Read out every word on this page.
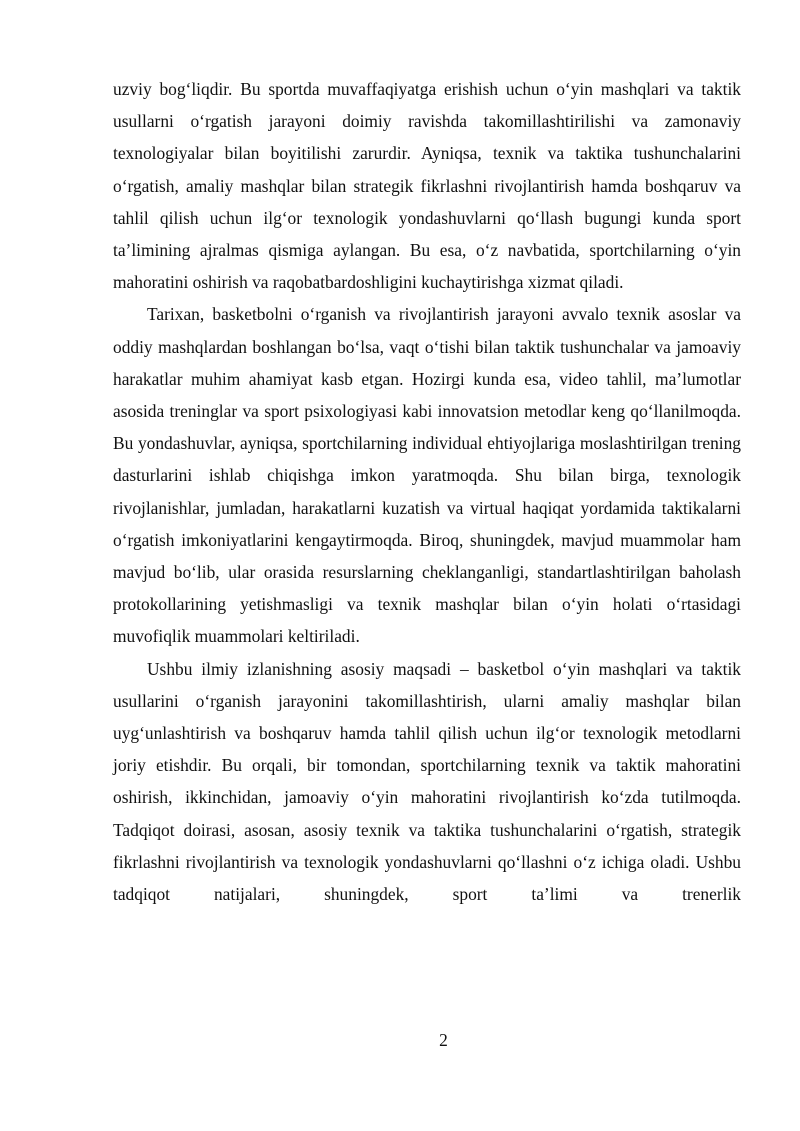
uzviy bog‘liqdir. Bu sportda muvaffaqiyatga erishish uchun o‘yin mashqlari va taktik usullarni o‘rgatish jarayoni doimiy ravishda takomillashtirilishi va zamonaviy texnologiyalar bilan boyitilishi zarurdir. Ayniqsa, texnik va taktika tushunchalarini o‘rgatish, amaliy mashqlar bilan strategik fikrlashni rivojlantirish hamda boshqaruv va tahlil qilish uchun ilg‘or texnologik yondashuvlarni qo‘llash bugungi kunda sport ta’limining ajralmas qismiga aylangan. Bu esa, o‘z navbatida, sportchilarning o‘yin mahoratini oshirish va raqobatbardoshligini kuchaytirishga xizmat qiladi.

Tarixan, basketbolni o‘rganish va rivojlantirish jarayoni avvalo texnik asoslar va oddiy mashqlardan boshlangan bo‘lsa, vaqt o‘tishi bilan taktik tushunchalar va jamoaviy harakatlar muhim ahamiyat kasb etgan. Hozirgi kunda esa, video tahlil, ma’lumotlar asosida treninglar va sport psixologiyasi kabi innovatsion metodlar keng qo‘llanilmoqda. Bu yondashuvlar, ayniqsa, sportchilarning individual ehtiyojlariga moslashtirilgan trening dasturlarini ishlab chiqishga imkon yaratmoqda. Shu bilan birga, texnologik rivojlanishlar, jumladan, harakatlarni kuzatish va virtual haqiqat yordamida taktikalarni o‘rgatish imkoniyatlarini kengaytirmoqda. Biroq, shuningdek, mavjud muammolar ham mavjud bo‘lib, ular orasida resurslarning cheklanganligi, standartlashtirilgan baholash protokollarining yetishmasligi va texnik mashqlar bilan o‘yin holati o‘rtasidagi muvofiqlik muammolari keltiriladi.

Ushbu ilmiy izlanishning asosiy maqsadi – basketbol o‘yin mashqlari va taktik usullarini o‘rganish jarayonini takomillashtirish, ularni amaliy mashqlar bilan uyg‘unlashtirish va boshqaruv hamda tahlil qilish uchun ilg‘or texnologik metodlarni joriy etishdir. Bu orqali, bir tomondan, sportchilarning texnik va taktik mahoratini oshirish, ikkinchidan, jamoaviy o‘yin mahoratini rivojlantirish ko‘zda tutilmoqda. Tadqiqot doirasi, asosan, asosiy texnik va taktika tushunchalarini o‘rgatish, strategik fikrlashni rivojlantirish va texnologik yondashuvlarni qo‘llashni o‘z ichiga oladi. Ushbu tadqiqot natijalari, shuningdek, sport ta’limi va trenerlik

2
